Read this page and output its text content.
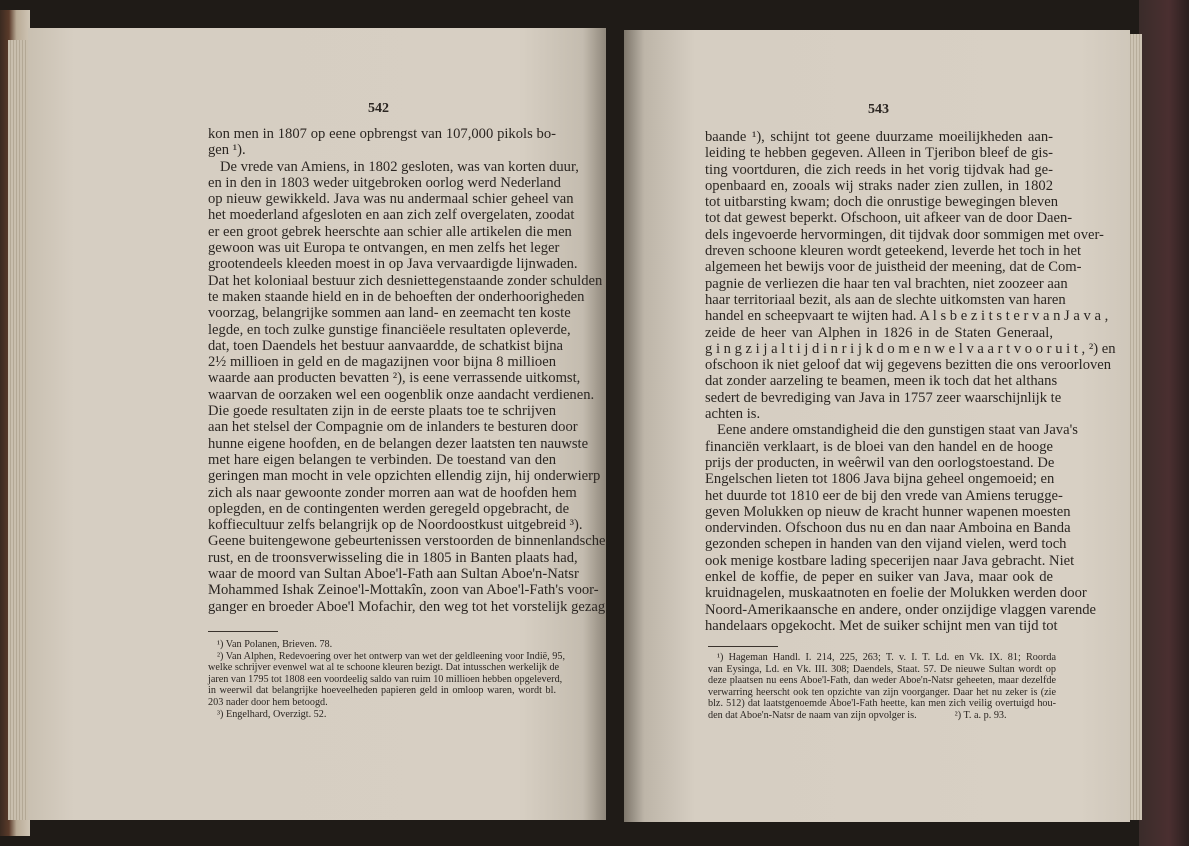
542
kon men in 1807 op eene opbrengst van 107,000 pikols bo-
gen ¹).
De vrede van Amiens, in 1802 gesloten, was van korten duur,
en in den in 1803 weder uitgebroken oorlog werd Nederland
op nieuw gewikkeld. Java was nu andermaal schier geheel van
het moederland afgesloten en aan zich zelf overgelaten, zoodat
er een groot gebrek heerschte aan schier alle artikelen die men
gewoon was uit Europa te ontvangen, en men zelfs het leger
grootendeels kleeden moest in op Java vervaardigde lijnwaden.
Dat het koloniaal bestuur zich desniettegenstaande zonder schulden
te maken staande hield en in de behoeften der onderhoorigheden
voorzag, belangrijke sommen aan land- en zeemacht ten koste
legde, en toch zulke gunstige financiëele resultaten opleverde,
dat, toen Daendels het bestuur aanvaardde, de schatkist bijna
2½ millioen in geld en de magazijnen voor bijna 8 millioen
waarde aan producten bevatten ²), is eene verrassende uitkomst,
waarvan de oorzaken wel een oogenblik onze aandacht verdienen.
Die goede resultaten zijn in de eerste plaats toe te schrijven
aan het stelsel der Compagnie om de inlanders te besturen door
hunne eigene hoofden, en de belangen dezer laatsten ten nauwste
met hare eigen belangen te verbinden. De toestand van den
geringen man mocht in vele opzichten ellendig zijn, hij onderwierp
zich als naar gewoonte zonder morren aan wat de hoofden hem
oplegden, en de contingenten werden geregeld opgebracht, de
koffiecultuur zelfs belangrijk op de Noordoostkust uitgebreid ³).
Geene buitengewone gebeurtenissen verstoorden de binnenlandsche
rust, en de troonsverwisseling die in 1805 in Banten plaats had,
waar de moord van Sultan Aboe'l-Fath aan Sultan Aboe'n-Natsr
Mohammed Ishak Zeinoe'l-Mottakîn, zoon van Aboe'l-Fath's voor-
ganger en broeder Aboe'l Mofachir, den weg tot het vorstelijk gezag
¹) Van Polanen, Brieven. 78.
²) Van Alphen, Redevoering over het ontwerp van wet der geldleening voor Indië, 95,
welke schrijver evenwel wat al te schoone kleuren bezigt. Dat intusschen werkelijk de
jaren van 1795 tot 1808 een voordeelig saldo van ruim 10 millioen hebben opgeleverd,
in weerwil dat belangrijke hoeveelheden papieren geld in omloop waren, wordt bl.
203 nader door hem betoogd.
³) Engelhard, Overzigt. 52.
543
baande ¹), schijnt tot geene duurzame moeilijkheden aan-
leiding te hebben gegeven. Alleen in Tjeribon bleef de gis-
ting voortduren, die zich reeds in het vorig tijdvak had ge-
openbaard en, zooals wij straks nader zien zullen, in 1802
tot uitbarsting kwam; doch die onrustige bewegingen bleven
tot dat gewest beperkt. Ofschoon, uit afkeer van de door Daen-
dels ingevoerde hervormingen, dit tijdvak door sommigen met over-
dreven schoone kleuren wordt geteekend, leverde het toch in het
algemeen het bewijs voor de juistheid der meening, dat de Com-
pagnie de verliezen die haar ten val brachten, niet zoozeer aan
haar territoriaal bezit, als aan de slechte uitkomsten van haren
handel en scheepvaart te wijten had. A l s b e z i t s t e r v a n J a v a ,
zeide de heer van Alphen in 1826 in de Staten Generaal,
g i n g z i j a l t i j d i n r i j k d o m e n w e l v a a r t v o o r u i t , ²) en
ofschoon ik niet geloof dat wij gegevens bezitten die ons veroorloven
dat zonder aarzeling te beamen, meen ik toch dat het althans
sedert de bevrediging van Java in 1757 zeer waarschijnlijk te
achten is.
Eene andere omstandigheid die den gunstigen staat van Java's
financiën verklaart, is de bloei van den handel en de hooge
prijs der producten, in weêrwil van den oorlogstoestand. De
Engelschen lieten tot 1806 Java bijna geheel ongemoeid; en
het duurde tot 1810 eer de bij den vrede van Amiens terugge-
geven Molukken op nieuw de kracht hunner wapenen moesten
ondervinden. Ofschoon dus nu en dan naar Amboina en Banda
gezonden schepen in handen van den vijand vielen, werd toch
ook menige kostbare lading specerijen naar Java gebracht. Niet
enkel de koffie, de peper en suiker van Java, maar ook de
kruidnagelen, muskaatnoten en foelie der Molukken werden door
Noord-Amerikaansche en andere, onder onzijdige vlaggen varende
handelaars opgekocht. Met de suiker schijnt men van tijd tot
¹) Hageman Handl. I. 214, 225, 263; T. v. I. T. Ld. en Vk. IX. 81; Roorda
van Eysinga, Ld. en Vk. III. 308; Daendels, Staat. 57. De nieuwe Sultan wordt op
deze plaatsen nu eens Aboe'l-Fath, dan weder Aboe'n-Natsr geheeten, maar dezelfde
verwarring heerscht ook ten opzichte van zijn voorganger. Daar het nu zeker is (zie
blz. 512) dat laatstgenoemde Aboe'l-Fath heette, kan men zich veilig overtuigd hou-
den dat Aboe'n-Natsr de naam van zijn opvolger is.	²) T. a. p. 93.
